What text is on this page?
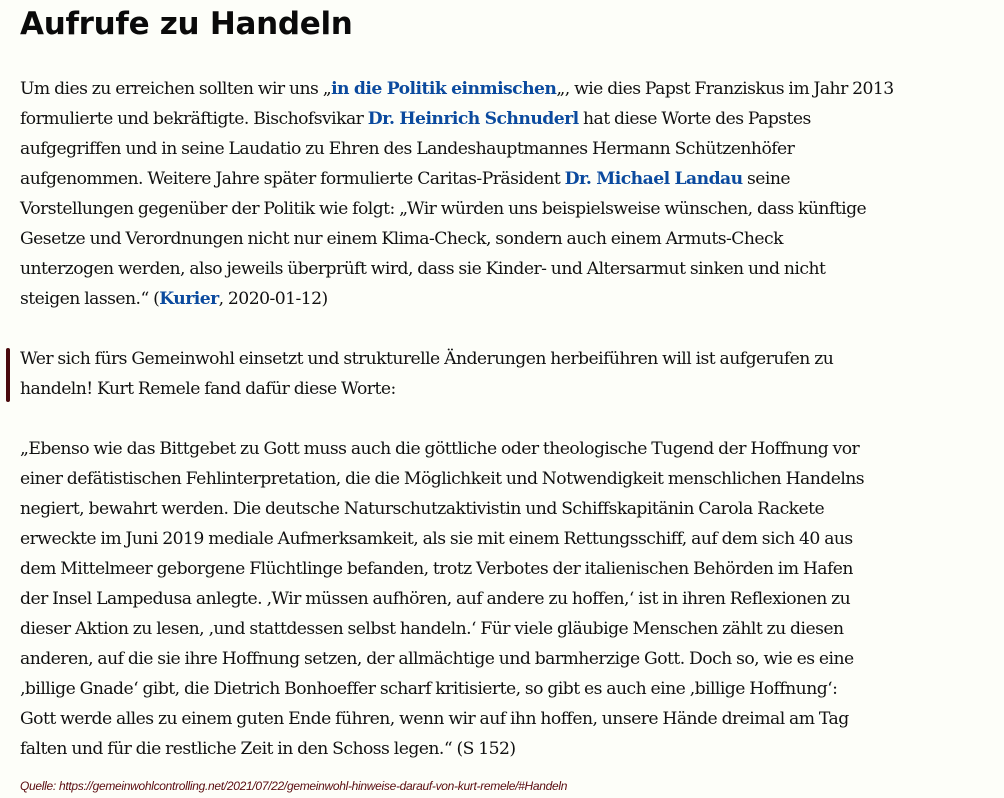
Aufrufe zu Handeln

Um dies zu erreichen sollten wir uns „in die Politik einmischen„, wie dies Papst Franziskus im Jahr 2013
formulierte und bekräftigte. Bischofsvikar Dr. Heinrich Schnuderl hat diese Worte des Papstes
aufgegriffen und in seine Laudatio zu Ehren des Landeshauptmannes Hermann Schützenhöfer
aufgenommen. Weitere Jahre später formulierte Caritas-Präsident Dr. Michael Landau seine
Vorstellungen gegenüber der Politik wie folgt: „Wir würden uns beispielsweise wünschen, dass künftige
Gesetze und Verordnungen nicht nur einem Klima-Check, sondern auch einem Armuts-Check
unterzogen werden, also jeweils überprüft wird, dass sie Kinder- und Altersarmut sinken und nicht
steigen lassen.“ (Kurier, 2020-01-12)

Wer sich fürs Gemeinwohl einsetzt und strukturelle Änderungen herbeiführen will ist aufgerufen zu
handeln! Kurt Remele fand dafür diese Worte:

„Ebenso wie das Bittgebet zu Gott muss auch die göttliche oder theologische Tugend der Hoffnung vor
einer defätistischen Fehlinterpretation, die die Möglichkeit und Notwendigkeit menschlichen Handelns
negiert, bewahrt werden. Die deutsche Naturschutzaktivistin und Schiffskapitänin Carola Rackete
erweckte im Juni 2019 mediale Aufmerksamkeit, als sie mit einem Rettungsschiff, auf dem sich 40 aus
dem Mittelmeer geborgene Flüchtlinge befanden, trotz Verbotes der italienischen Behörden im Hafen
der Insel Lampedusa anlegte. ‚Wir müssen aufhören, auf andere zu hoffen,‘ ist in ihren Reflexionen zu
dieser Aktion zu lesen, ‚und stattdessen selbst handeln.‘ Für viele gläubige Menschen zählt zu diesen
anderen, auf die sie ihre Hoffnung setzen, der allmächtige und barmherzige Gott. Doch so, wie es eine
‚billige Gnade‘ gibt, die Dietrich Bonhoeffer scharf kritisierte, so gibt es auch eine ‚billige Hoffnung‘:
Gott werde alles zu einem guten Ende führen, wenn wir auf ihn hoffen, unsere Hände dreimal am Tag
falten und für die restliche Zeit in den Schoss legen.“ (S 152)
Quelle: https://gemeinwohlcontrolling.net/2021/07/22/gemeinwohl-hinweise-darauf-von-kurt-remele/#Handeln
